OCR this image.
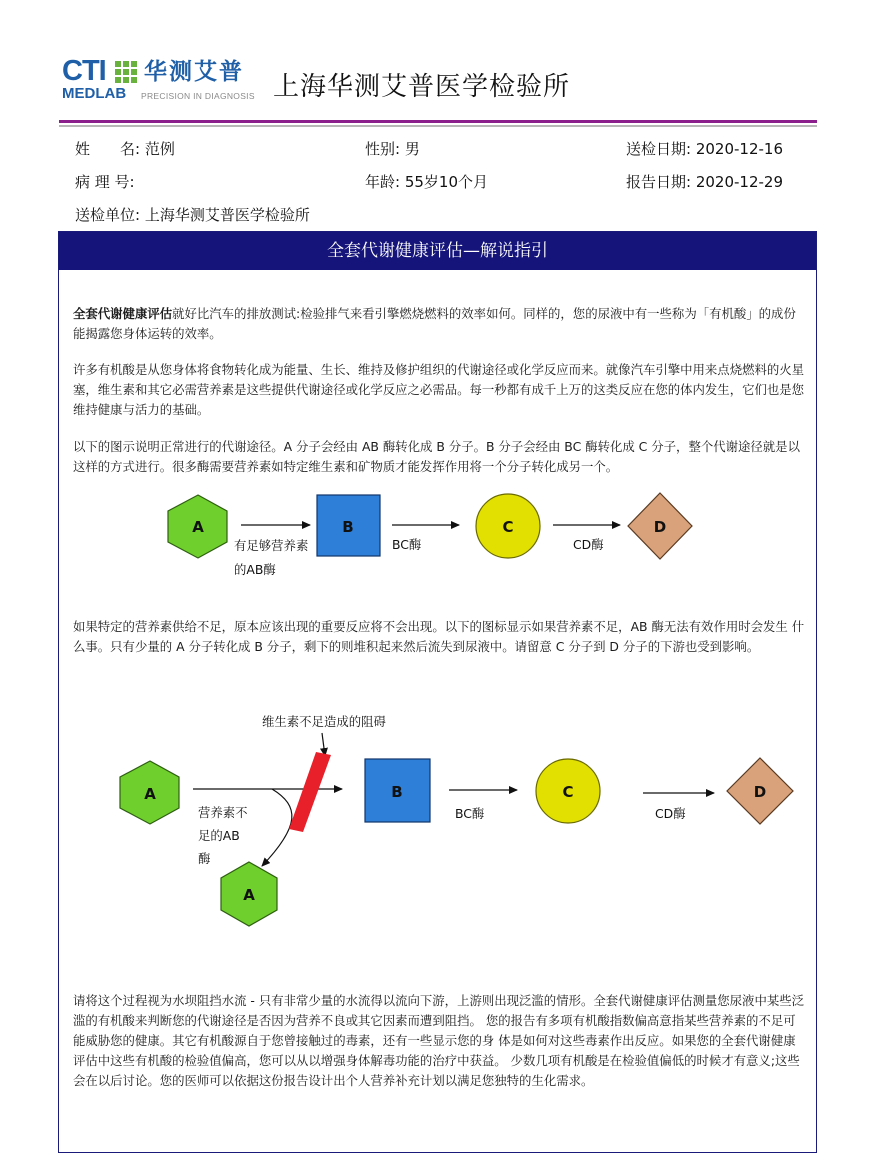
CTI 华测艾普
MEDLAB PRECISION IN DIAGNOSIS 上海华测艾普医学检验所
姓　　名: 范例	性别: 男	送检日期: 2020-12-16
病 理 号:	年龄: 55岁10个月	报告日期: 2020-12-29
送检单位: 上海华测艾普医学检验所
全套代谢健康评估—解说指引
全套代谢健康评估就好比汽车的排放测试:检验排气来看引擎燃烧燃料的效率如何。同样的，您的尿液中有一些称为「有机酸」的成份能揭露您身体运转的效率。
许多有机酸是从您身体将食物转化成为能量、生长、维持及修护组织的代谢途径或化学反应而来。就像汽车引擎中用来点烧燃料的火星塞，维生素和其它必需营养素是这些提供代谢途径或化学反应之必需品。每一秒都有成千上万的这类反应在您的体内发生，它们也是您维持健康与活力的基础。
以下的图示说明正常进行的代谢途径。A 分子会经由 AB 酶转化成 B 分子。B 分子会经由 BC 酶转化成 C 分子，整个代谢途径就是以这样的方式进行。很多酶需要营养素如特定维生素和矿物质才能发挥作用将一个分子转化成另一个。
A
有足够营养素
的AB酶
B
BC酶
C
CD酶
D
如果特定的营养素供给不足，原本应该出现的重要反应将不会出现。以下的图标显示如果营养素不足，AB 酶无法有效作用时会发生 什么事。只有少量的 A 分子转化成 B 分子，剩下的则堆积起来然后流失到尿液中。请留意 C 分子到 D 分子的下游也受到影响。
维生素不足造成的阻碍
A
营养素不
足的AB
酶
A
B
BC酶
C
CD酶
D
请将这个过程视为水坝阻挡水流 - 只有非常少量的水流得以流向下游，上游则出现泛滥的情形。全套代谢健康评估测量您尿液中某些泛滥的有机酸来判断您的代谢途径是否因为营养不良或其它因素而遭到阻挡。 您的报告有多项有机酸指数偏高意指某些营养素的不足可能威胁您的健康。其它有机酸源自于您曾接触过的毒素，还有一些显示您的身 体是如何对这些毒素作出反应。如果您的全套代谢健康评估中这些有机酸的检验值偏高，您可以从以增强身体解毒功能的治疗中获益。 少数几项有机酸是在检验值偏低的时候才有意义;这些会在以后讨论。您的医师可以依据这份报告设计出个人营养补充计划以满足您独特的生化需求。
